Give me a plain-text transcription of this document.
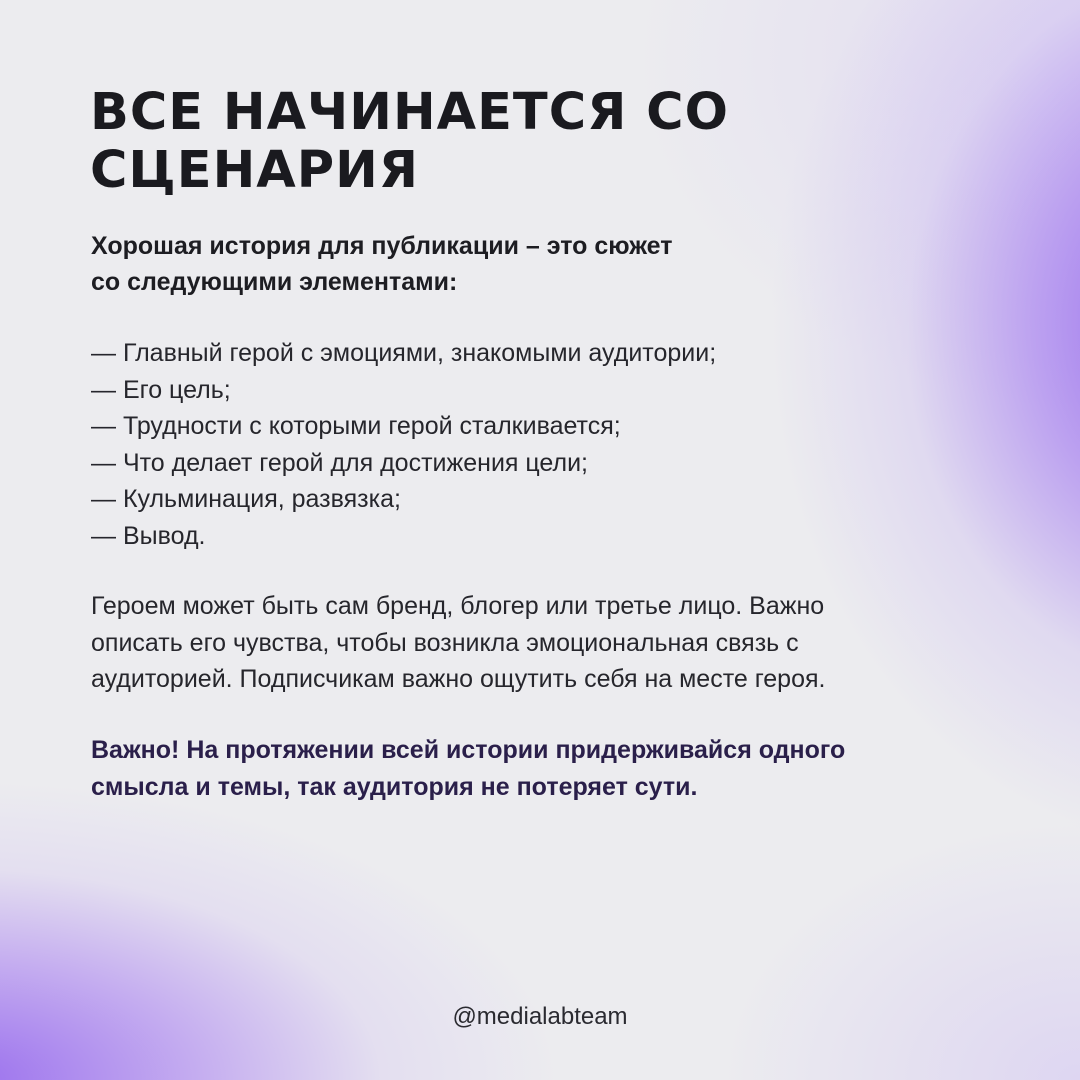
ВСЕ НАЧИНАЕТСЯ СО
СЦЕНАРИЯ

Хорошая история для публикации – это сюжет
со следующими элементами:

— Главный герой с эмоциями, знакомыми аудитории;
— Его цель;
— Трудности с которыми герой сталкивается;
— Что делает герой для достижения цели;
— Кульминация, развязка;
— Вывод.

Героем может быть сам бренд, блогер или третье лицо. Важно
описать его чувства, чтобы возникла эмоциональная связь с
аудиторией. Подписчикам важно ощутить себя на месте героя.

Важно! На протяжении всей истории придерживайся одного
смысла и темы, так аудитория не потеряет сути.

@medialabteam
